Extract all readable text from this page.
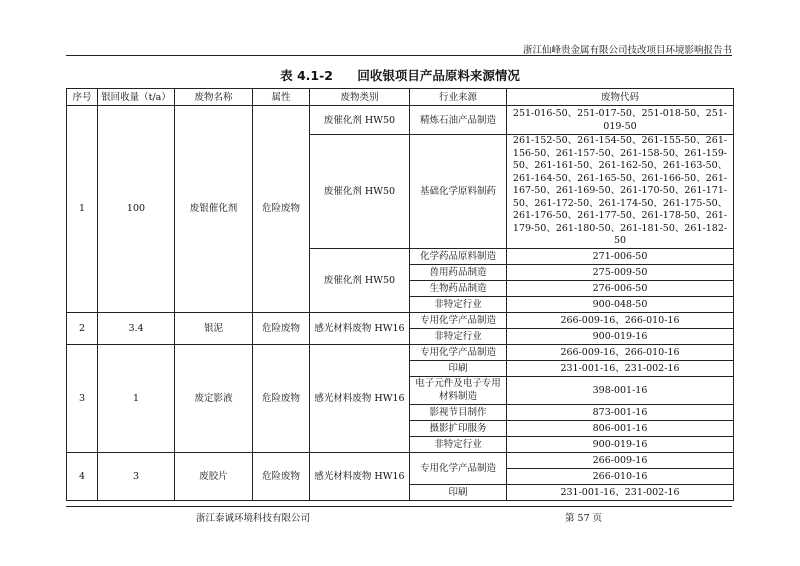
浙江仙峰贵金属有限公司技改项目环境影响报告书
表 4.1-2 回收银项目产品原料来源情况
序号	银回收量（t/a）	废物名称	属性	废物类别	行业来源	废物代码
1	100	废银催化剂	危险废物	废催化剂 HW50	精炼石油产品制造	251-016-50、251-017-50、251-018-50、251-019-50
				废催化剂 HW50	基础化学原料制药	261-152-50、261-154-50、261-155-50、261-156-50、261-157-50、261-158-50、261-159-50、261-161-50、261-162-50、261-163-50、261-164-50、261-165-50、261-166-50、261-167-50、261-169-50、261-170-50、261-171-50、261-172-50、261-174-50、261-175-50、261-176-50、261-177-50、261-178-50、261-179-50、261-180-50、261-181-50、261-182-50
				废催化剂 HW50	化学药品原料制造	271-006-50
					兽用药品制造	275-009-50
					生物药品制造	276-006-50
					非特定行业	900-048-50
2	3.4	银泥	危险废物	感光材料废物 HW16	专用化学产品制造	266-009-16、266-010-16
					非特定行业	900-019-16
3	1	废定影液	危险废物	感光材料废物 HW16	专用化学产品制造	266-009-16、266-010-16
					印刷	231-001-16、231-002-16
					电子元件及电子专用材料制造	398-001-16
					影视节目制作	873-001-16
					摄影扩印服务	806-001-16
					非特定行业	900-019-16
4	3	废胶片	危险废物	感光材料废物 HW16	专用化学产品制造	266-009-16
						266-010-16
					印刷	231-001-16、231-002-16
浙江泰诚环境科技有限公司	第 57 页
